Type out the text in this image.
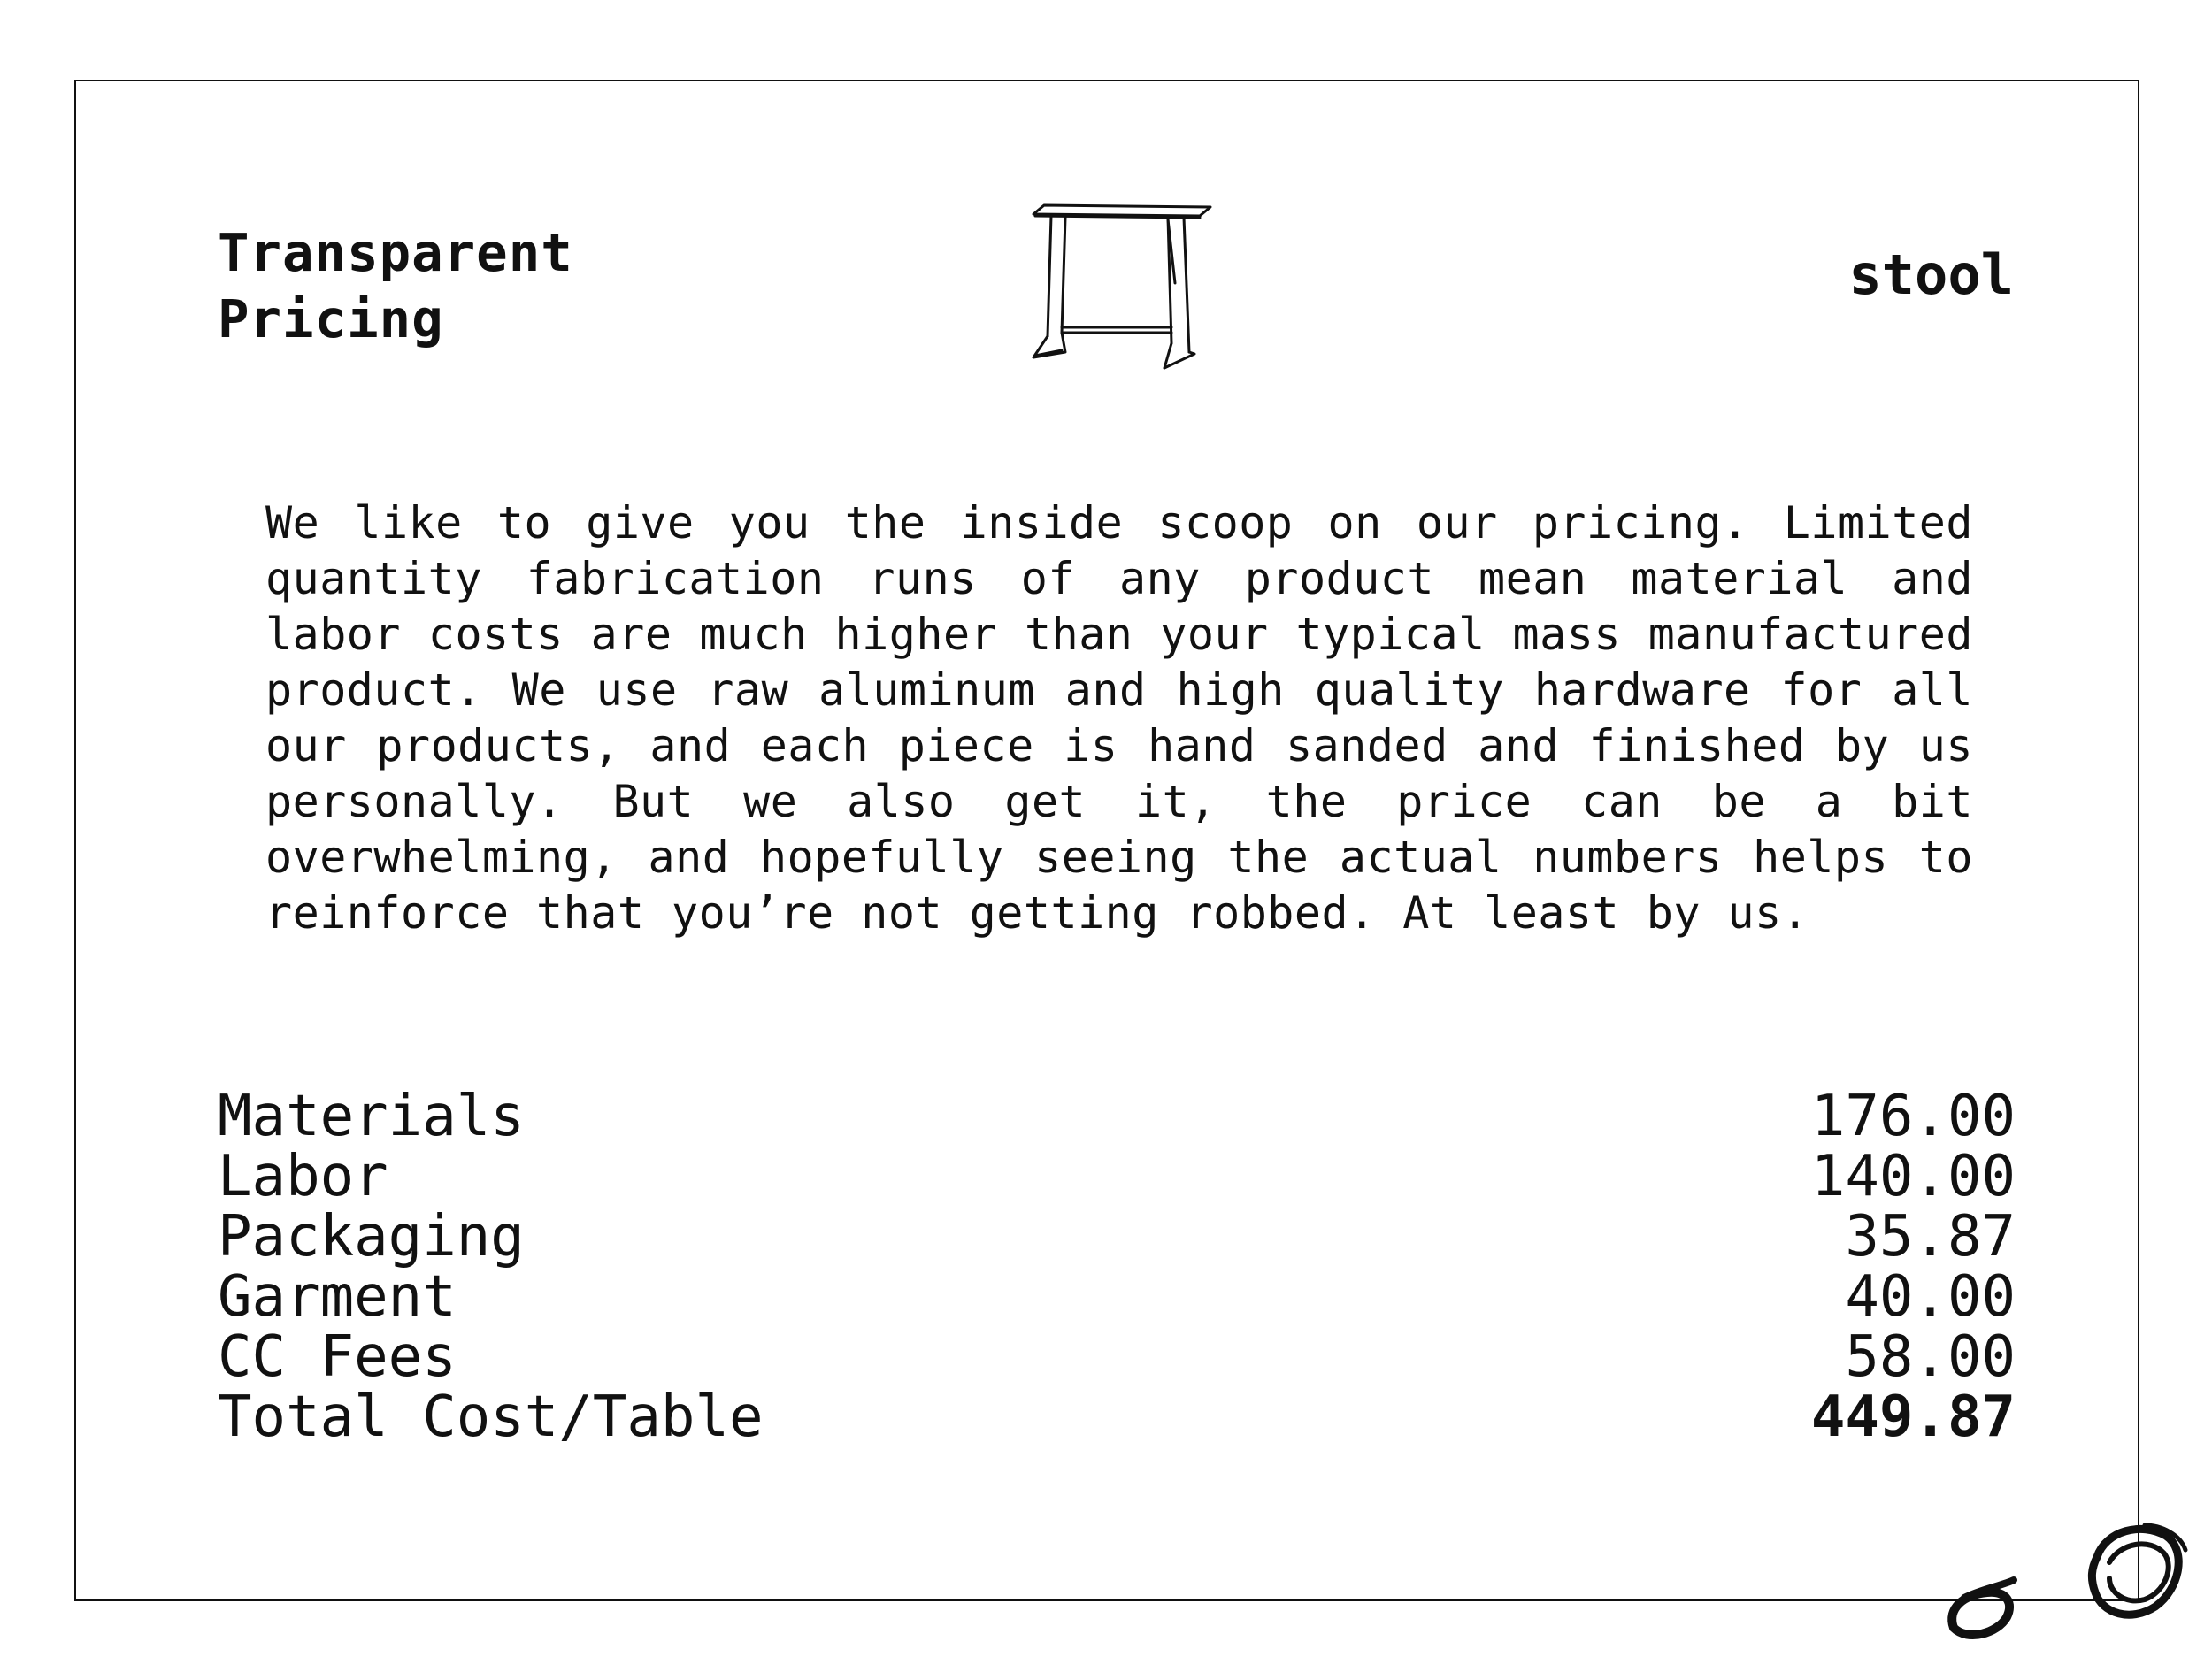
Transparent
Pricing
stool
We like to give you the inside scoop on our pricing. Limited quantity fabrication runs of any product mean material and labor costs are much higher than your typical mass manufactured product. We use raw aluminum and high quality hardware for all our products, and each piece is hand sanded and finished by us personally. But we also get it, the price can be a bit overwhelming, and hopefully seeing the actual numbers helps to reinforce that you’re not getting robbed. At least by us.
Materials	176.00
Labor	140.00
Packaging	35.87
Garment	40.00
CC Fees	58.00
Total Cost/Table	449.87
